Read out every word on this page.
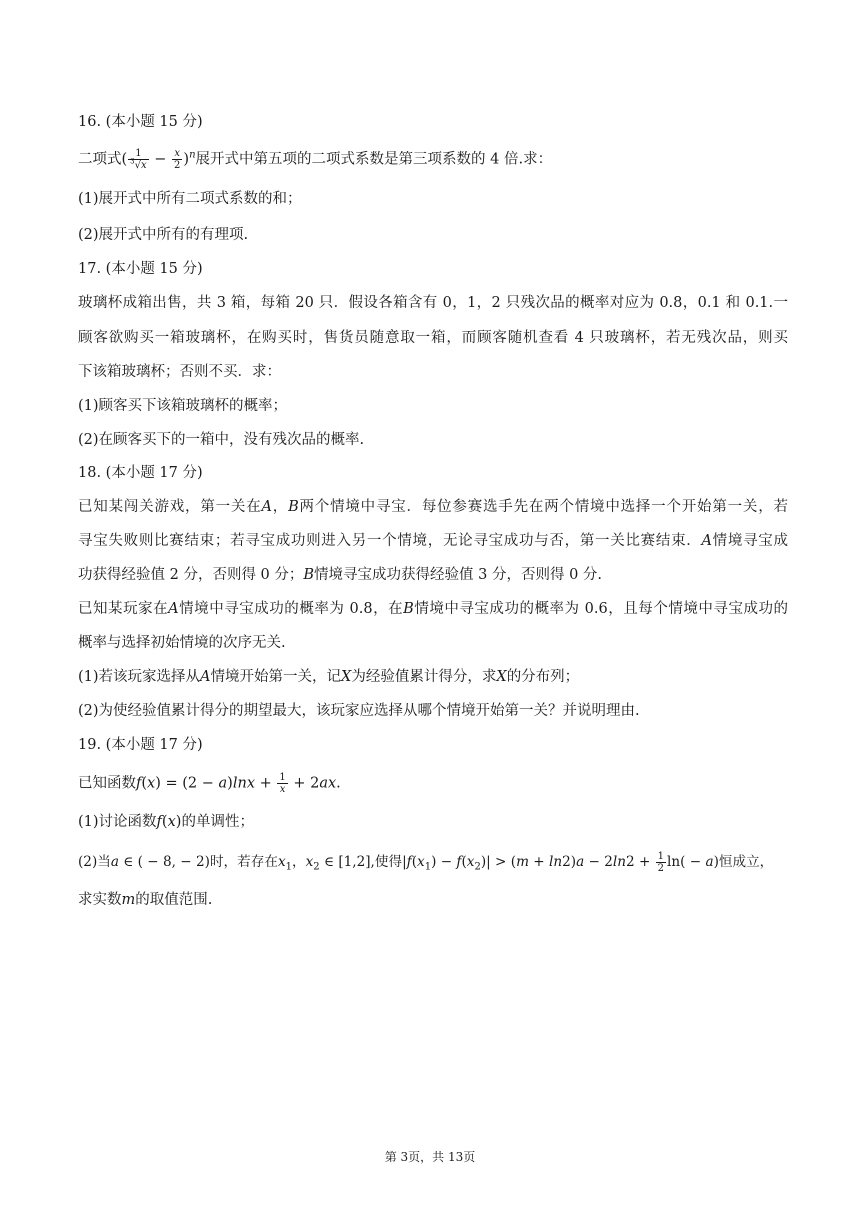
16. (本小题 15 分)
二项式( $\frac{1}{^3√x} - \frac{x}{2} )^n$展开式中第五项的二项式系数是第三项系数的 4 倍.求：
(1)展开式中所有二项式系数的和；
(2)展开式中所有的有理项.
17. (本小题 15 分)
玻璃杯成箱出售，共 3 箱，每箱 20 只．假设各箱含有 0，1，2 只残次品的概率对应为 0.8，0.1 和 0.1.一
顾客欲购买一箱玻璃杯，在购买时，售货员随意取一箱，而顾客随机查看 4 只玻璃杯，若无残次品，则买
下该箱玻璃杯；否则不买．求：
(1)顾客买下该箱玻璃杯的概率；
(2)在顾客买下的一箱中，没有残次品的概率.
18. (本小题 17 分)
已知某闯关游戏，第一关在A，B两个情境中寻宝．每位参赛选手先在两个情境中选择一个开始第一关，若
寻宝失败则比赛结束；若寻宝成功则进入另一个情境，无论寻宝成功与否，第一关比赛结束．A情境寻宝成
功获得经验值 2 分，否则得 0 分；B情境寻宝成功获得经验值 3 分，否则得 0 分.
已知某玩家在A情境中寻宝成功的概率为 0.8，在B情境中寻宝成功的概率为 0.6，且每个情境中寻宝成功的
概率与选择初始情境的次序无关.
(1)若该玩家选择从A情境开始第一关，记X为经验值累计得分，求X的分布列；
(2)为使经验值累计得分的期望最大，该玩家应选择从哪个情境开始第一关？并说明理由.
19. (本小题 17 分)
已知函数$f(x) = (2 - a)\ln x + \frac{1}{x} + 2ax$.
(1)讨论函数f(x)的单调性；
(2)当a ∈ ( − 8, − 2)时，若存在$x_1$，$x_2$ ∈ [1,2],使得$|f(x_1) - f(x_2)| > (m + \ln 2)a - 2\ln 2 + \frac{1}{2} \ln( - a)$恒成立，
求实数m的取值范围.
第 3页，共 13页
